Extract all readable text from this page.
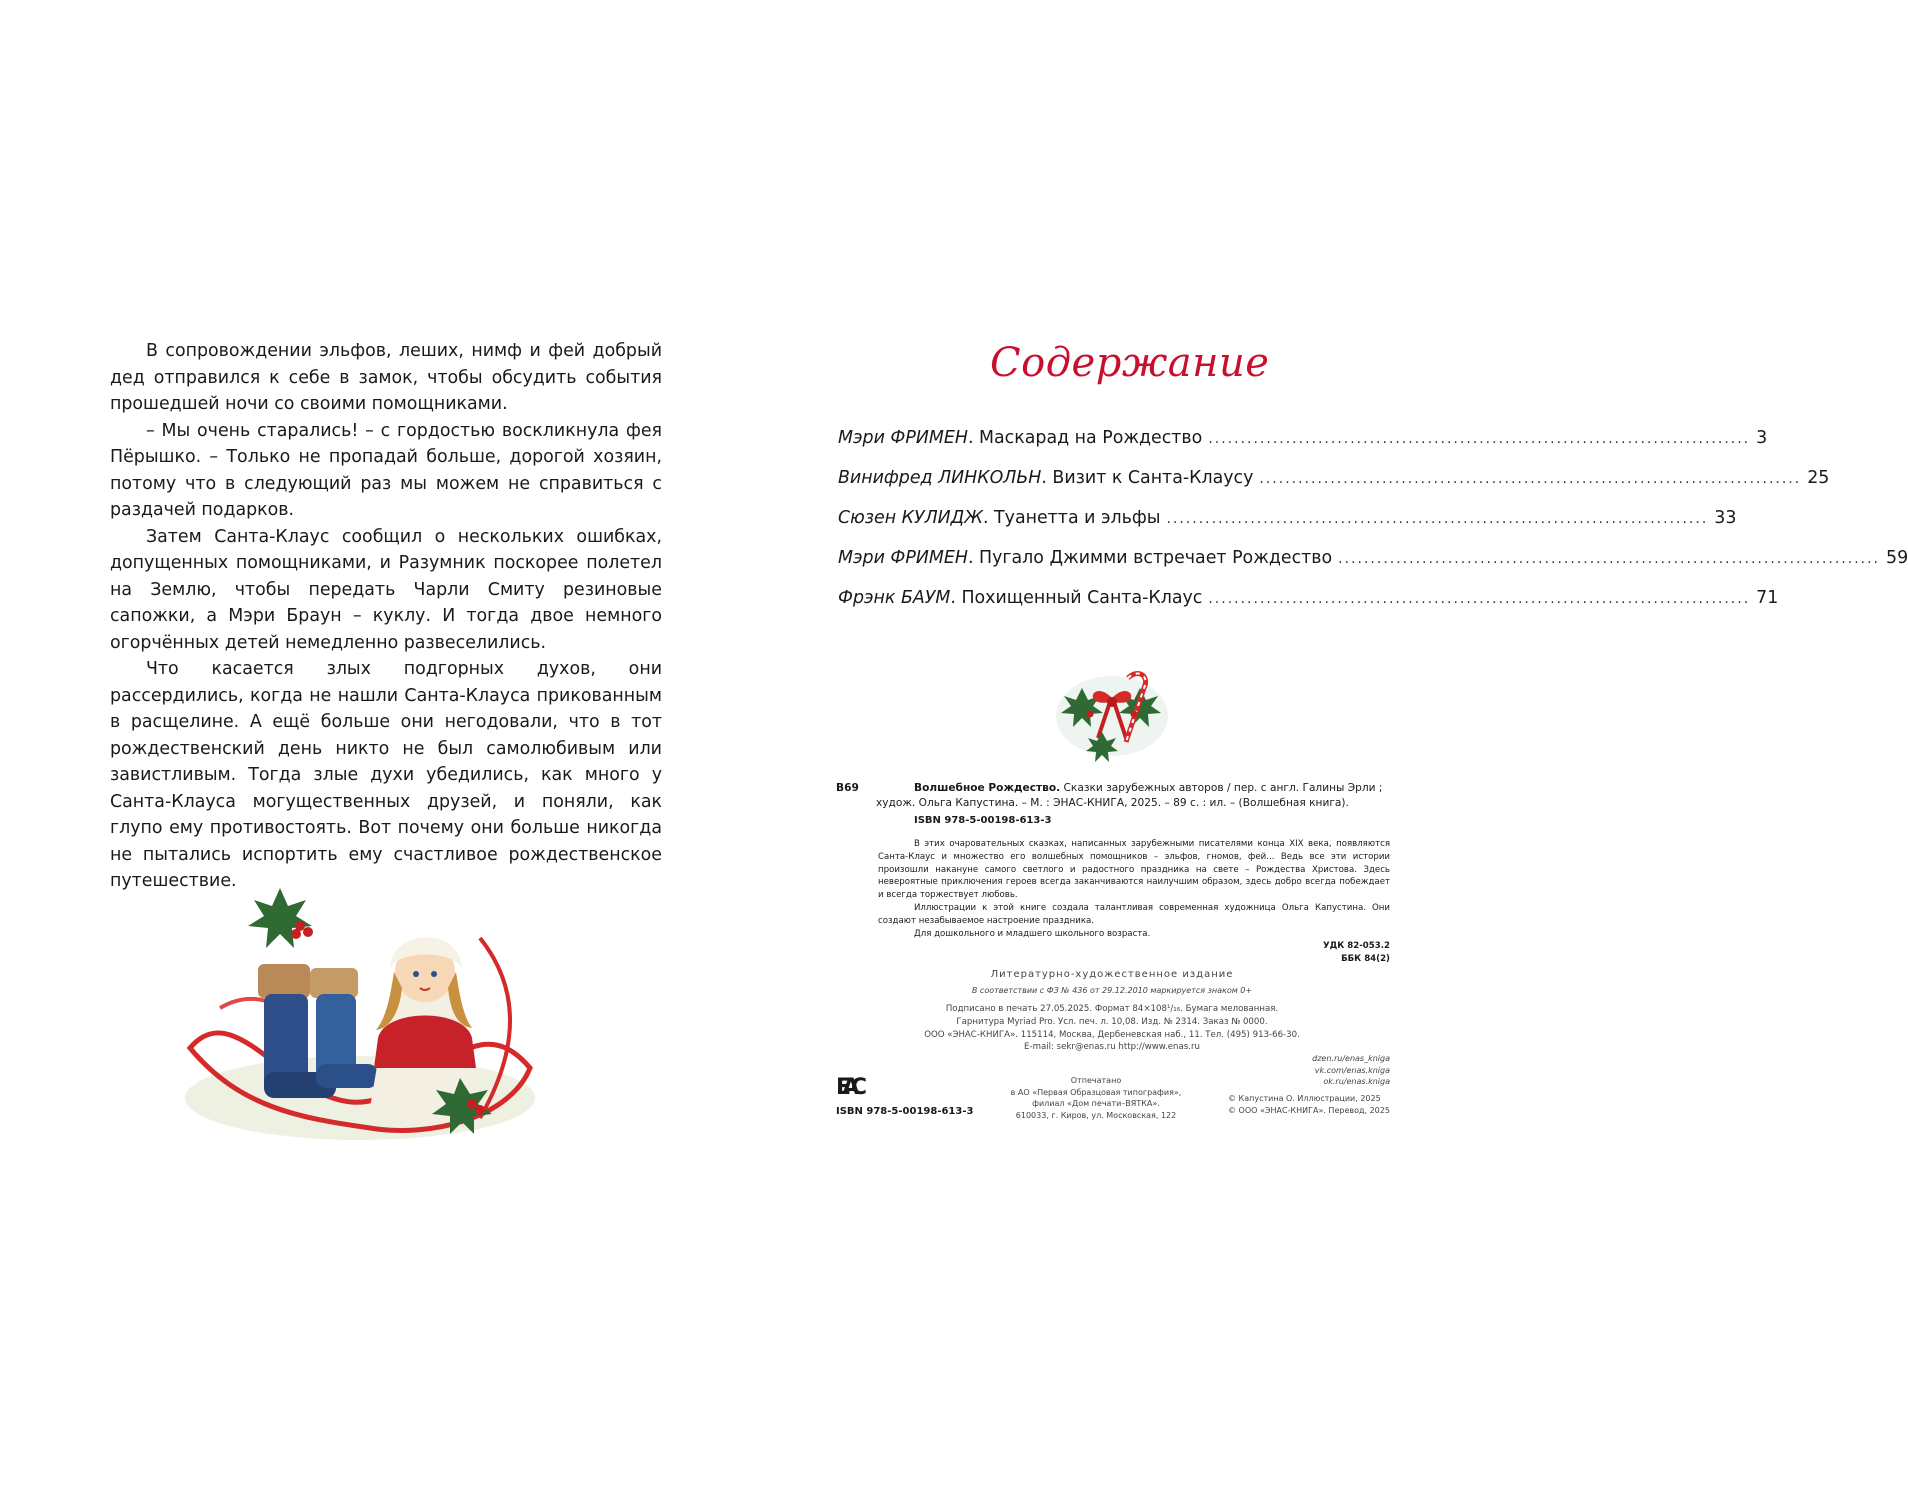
В сопровождении эльфов, леших, нимф и фей добрый дед отправился к себе в замок, чтобы обсудить события прошедшей ночи со своими помощниками.

– Мы очень старались! – с гордостью воскликнула фея Пёрышко. – Только не пропадай больше, дорогой хозяин, потому что в следующий раз мы можем не справиться с раздачей подарков.

Затем Санта-Клаус сообщил о нескольких ошибках, допущенных помощниками, и Разумник поскорее полетел на Землю, чтобы передать Чарли Смиту резиновые сапожки, а Мэри Браун – куклу. И тогда двое немного огорчённых детей немедленно развеселились.

Что касается злых подгорных духов, они рассердились, когда не нашли Санта-Клауса прикованным в расщелине. А ещё больше они негодовали, что в тот рождественский день никто не был самолюбивым или завистливым. Тогда злые духи убедились, как много у Санта-Клауса могущественных друзей, и поняли, как глупо ему противостоять. Вот почему они больше никогда не пытались испортить ему счастливое рождественское путешествие.

Содержание
Мэри ФРИМЕН . Маскарад на Рождество .................................................................................... 3
Винифред ЛИНКОЛЬН . Визит к Санта-Клаусу .................................................................................... 25
Сюзен КУЛИДЖ . Туанетта и эльфы .................................................................................... 33
Мэри ФРИМЕН . Пугало Джимми встречает Рождество .................................................................................... 59
Фрэнк БАУМ . Похищенный Санта-Клаус .................................................................................... 71
В69	Волшебное Рождество. Сказки зарубежных авторов / пер. с англ. Галины Эрли ;
худож. Ольга Капустина. – М. : ЭНАС-КНИГА, 2025. – 89 с. : ил. – (Волшебная книга).
ISBN 978-5-00198-613-3
В этих очаровательных сказках, написанных зарубежными писателями конца XIX века, появляются Санта-Клаус и множество его волшебных помощников – эльфов, гномов, фей... Ведь все эти истории произошли накануне самого светлого и радостного праздника на свете – Рождества Христова. Здесь невероятные приключения героев всегда заканчиваются наилучшим образом, здесь добро всегда побеждает и всегда торжествует любовь.
Иллюстрации к этой книге создала талантливая современная художница Ольга Капустина. Они создают незабываемое настроение праздника.
Для дошкольного и младшего школьного возраста.
УДК 82-053.2
ББК 84(2)
Литературно-художественное издание
В соответствии с ФЗ № 436 от 29.12.2010 маркируется знаком 0+
Подписано в печать 27.05.2025. Формат 84×108¹/₁₆. Бумага мелованная.
Гарнитура Myriad Pro. Усл. печ. л. 10,08. Изд. № 2314. Заказ № 0000.
ООО «ЭНАС-КНИГА». 115114, Москва, Дербеневская наб., 11. Тел. (495) 913-66-30.
E-mail: sekr@enas.ru http://www.enas.ru
dzen.ru/enas_kniga
vk.com/enas.kniga
ok.ru/enas.kniga
EAC	Отпечатано
в АО «Первая Образцовая типография»,
филиал «Дом печати–ВЯТКА».
610033, г. Киров, ул. Московская, 122
ISBN 978-5-00198-613-3
© Капустина О. Иллюстрации, 2025
© ООО «ЭНАС-КНИГА». Перевод, 2025
